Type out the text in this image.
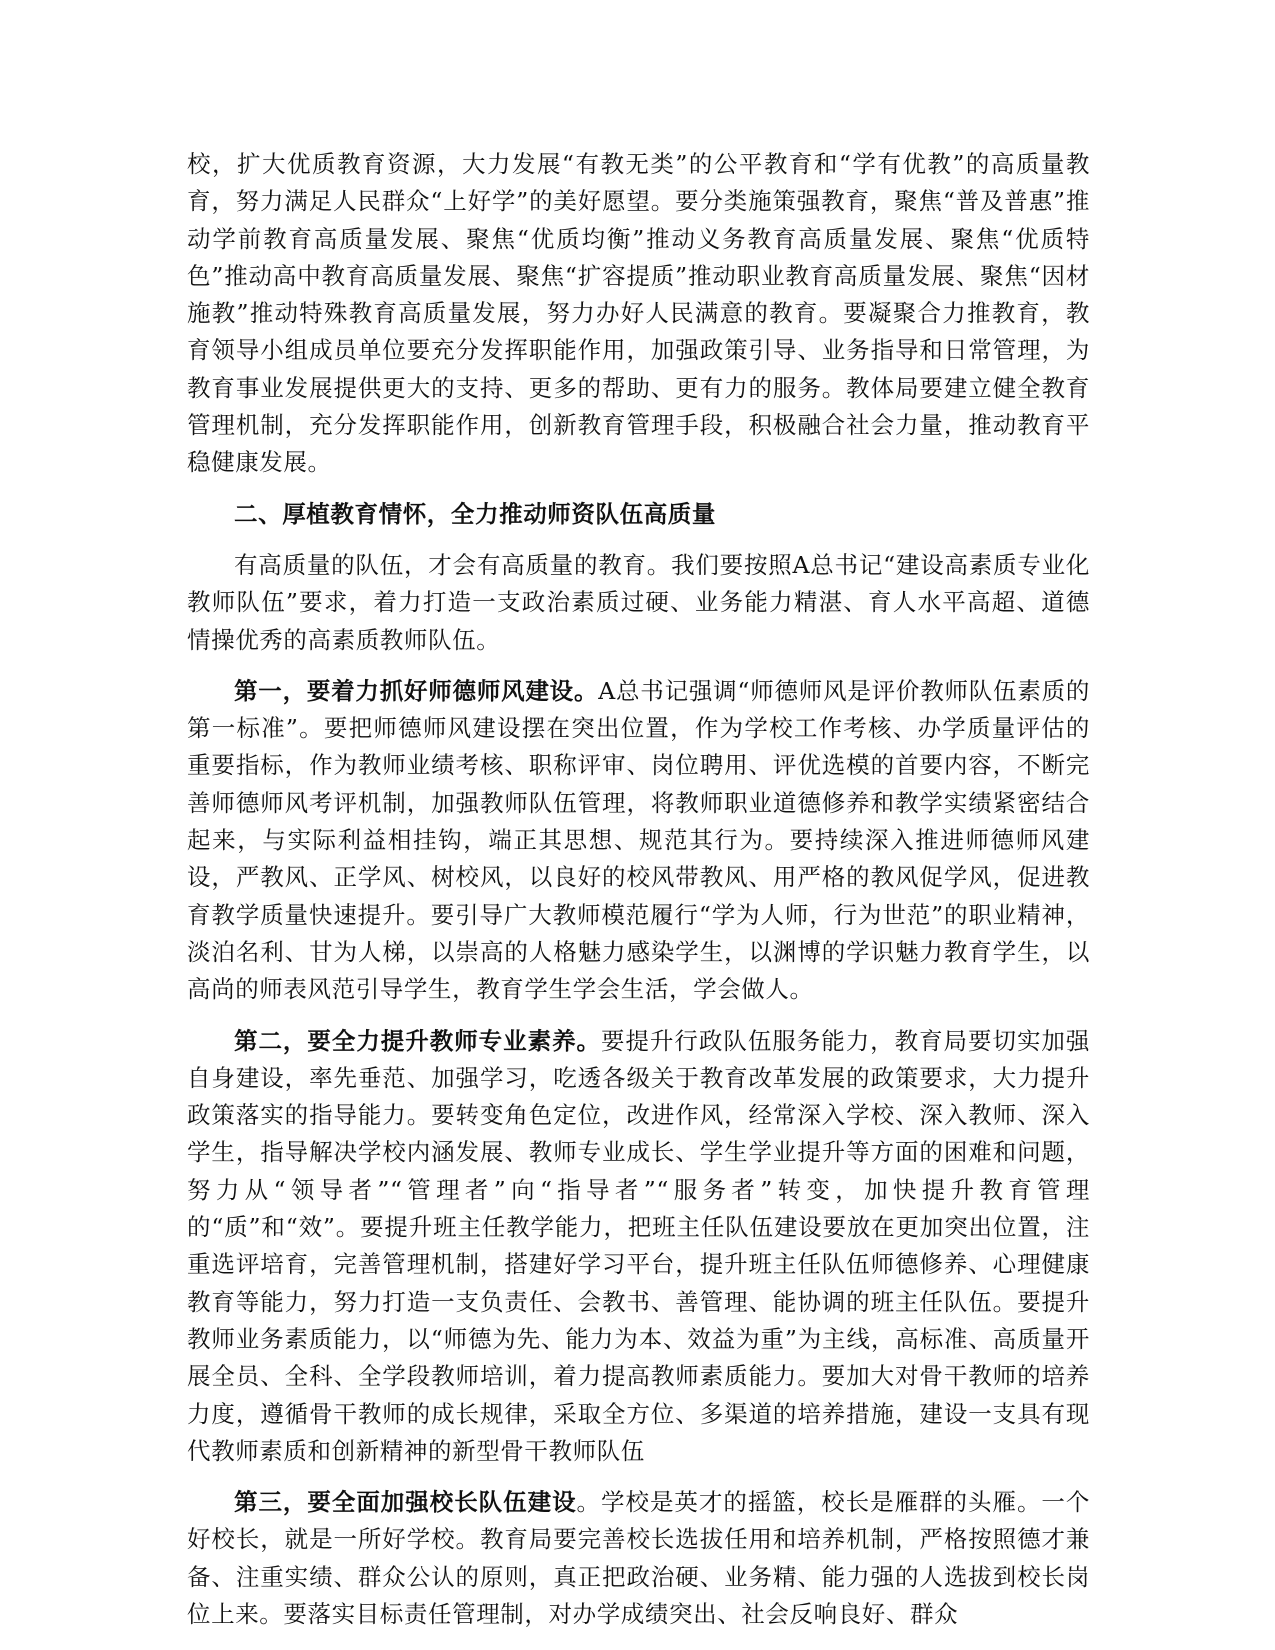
校，扩大优质教育资源，大力发展“有教无类”的公平教育和“学有优教”的高质量教育，努力满足人民群众“上好学”的美好愿望。要分类施策强教育，聚焦“普及普惠”推动学前教育高质量发展、聚焦“优质均衡”推动义务教育高质量发展、聚焦“优质特色”推动高中教育高质量发展、聚焦“扩容提质”推动职业教育高质量发展、聚焦“因材施教”推动特殊教育高质量发展，努力办好人民满意的教育。要凝聚合力推教育，教育领导小组成员单位要充分发挥职能作用，加强政策引导、业务指导和日常管理，为教育事业发展提供更大的支持、更多的帮助、更有力的服务。教体局要建立健全教育管理机制，充分发挥职能作用，创新教育管理手段，积极融合社会力量，推动教育平稳健康发展。

二、厚植教育情怀，全力推动师资队伍高质量

有高质量的队伍，才会有高质量的教育。我们要按照A总书记“建设高素质专业化教师队伍”要求，着力打造一支政治素质过硬、业务能力精湛、育人水平高超、道德情操优秀的高素质教师队伍。

第一，要着力抓好师德师风建设。A总书记强调“师德师风是评价教师队伍素质的第一标准”。要把师德师风建设摆在突出位置，作为学校工作考核、办学质量评估的重要指标，作为教师业绩考核、职称评审、岗位聘用、评优选模的首要内容，不断完善师德师风考评机制，加强教师队伍管理，将教师职业道德修养和教学实绩紧密结合起来，与实际利益相挂钩，端正其思想、规范其行为。要持续深入推进师德师风建设，严教风、正学风、树校风，以良好的校风带教风、用严格的教风促学风，促进教育教学质量快速提升。要引导广大教师模范履行“学为人师，行为世范”的职业精神，淡泊名利、甘为人梯，以崇高的人格魅力感染学生，以渊博的学识魅力教育学生，以高尚的师表风范引导学生，教育学生学会生活，学会做人。

第二，要全力提升教师专业素养。要提升行政队伍服务能力，教育局要切实加强自身建设，率先垂范、加强学习，吃透各级关于教育改革发展的政策要求，大力提升政策落实的指导能力。要转变角色定位，改进作风，经常深入学校、深入教师、深入学生，指导解决学校内涵发展、教师专业成长、学生学业提升等方面的困难和问题，努力从“领导者”“管理者”向“指导者”“服务者”转变，加快提升教育管理的“质”和“效”。要提升班主任教学能力，把班主任队伍建设要放在更加突出位置，注重选评培育，完善管理机制，搭建好学习平台，提升班主任队伍师德修养、心理健康教育等能力，努力打造一支负责任、会教书、善管理、能协调的班主任队伍。要提升教师业务素质能力，以“师德为先、能力为本、效益为重”为主线，高标准、高质量开展全员、全科、全学段教师培训，着力提高教师素质能力。要加大对骨干教师的培养力度，遵循骨干教师的成长规律，采取全方位、多渠道的培养措施，建设一支具有现代教师素质和创新精神的新型骨干教师队伍

第三，要全面加强校长队伍建设。学校是英才的摇篮，校长是雁群的头雁。一个好校长，就是一所好学校。教育局要完善校长选拔任用和培养机制，严格按照德才兼备、注重实绩、群众公认的原则，真正把政治硬、业务精、能力强的人选拔到校长岗位上来。要落实目标责任管理制，对办学成绩突出、社会反响良好、群众
